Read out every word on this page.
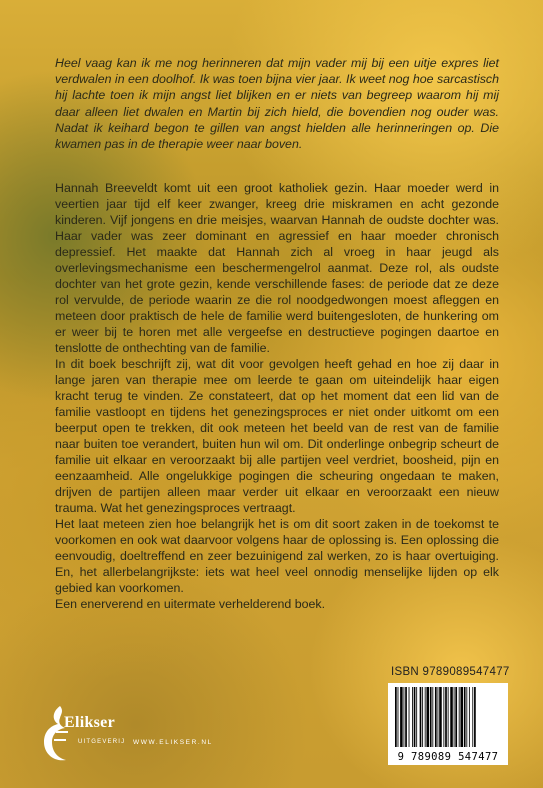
Heel vaag kan ik me nog herinneren dat mijn vader mij bij een uitje expres liet verdwalen in een doolhof. Ik was toen bijna vier jaar. Ik weet nog hoe sarcastisch hij lachte toen ik mijn angst liet blijken en er niets van begreep waarom hij mij daar alleen liet dwalen en Martin bij zich hield, die bovendien nog ouder was. Nadat ik keihard begon te gillen van angst hielden alle herinneringen op. Die kwamen pas in de therapie weer naar boven.

Hannah Breeveldt komt uit een groot katholiek gezin. Haar moeder werd in veertien jaar tijd elf keer zwanger, kreeg drie miskramen en acht gezonde kinderen. Vijf jongens en drie meisjes, waarvan Hannah de oudste dochter was. Haar vader was zeer dominant en agressief en haar moeder chronisch depressief. Het maakte dat Hannah zich al vroeg in haar jeugd als overlevingsmechanisme een beschermengelrol aanmat. Deze rol, als oudste dochter van het grote gezin, kende verschillende fases: de periode dat ze deze rol vervulde, de periode waarin ze die rol noodgedwongen moest afleggen en meteen door praktisch de hele de familie werd buitengesloten, de hunkering om er weer bij te horen met alle vergeefse en destructieve pogingen daartoe en tenslotte de onthechting van de familie.

In dit boek beschrijft zij, wat dit voor gevolgen heeft gehad en hoe zij daar in lange jaren van therapie mee om leerde te gaan om uiteindelijk haar eigen kracht terug te vinden. Ze constateert, dat op het moment dat een lid van de familie vastloopt en tijdens het genezingsproces er niet onder uitkomt om een beerput open te trekken, dit ook meteen het beeld van de rest van de familie naar buiten toe verandert, buiten hun wil om. Dit onderlinge onbegrip scheurt de familie uit elkaar en veroorzaakt bij alle partijen veel verdriet, boosheid, pijn en eenzaamheid. Alle ongelukkige pogingen die scheuring ongedaan te maken, drijven de partijen alleen maar verder uit elkaar en veroorzaakt een nieuw trauma. Wat het genezingsproces vertraagt.

Het laat meteen zien hoe belangrijk het is om dit soort zaken in de toekomst te voorkomen en ook wat daarvoor volgens haar de oplossing is. Een oplossing die eenvoudig, doeltreffend en zeer bezuinigend zal werken, zo is haar overtuiging. En, het allerbelangrijkste: iets wat heel veel onnodig menselijke lijden op elk gebied kan voorkomen.

Een enerverend en uitermate verhelderend boek.

Elikser
UITGEVERIJ WWW.ELIKSER.NL
ISBN 9789089547477
9 789089 547477
